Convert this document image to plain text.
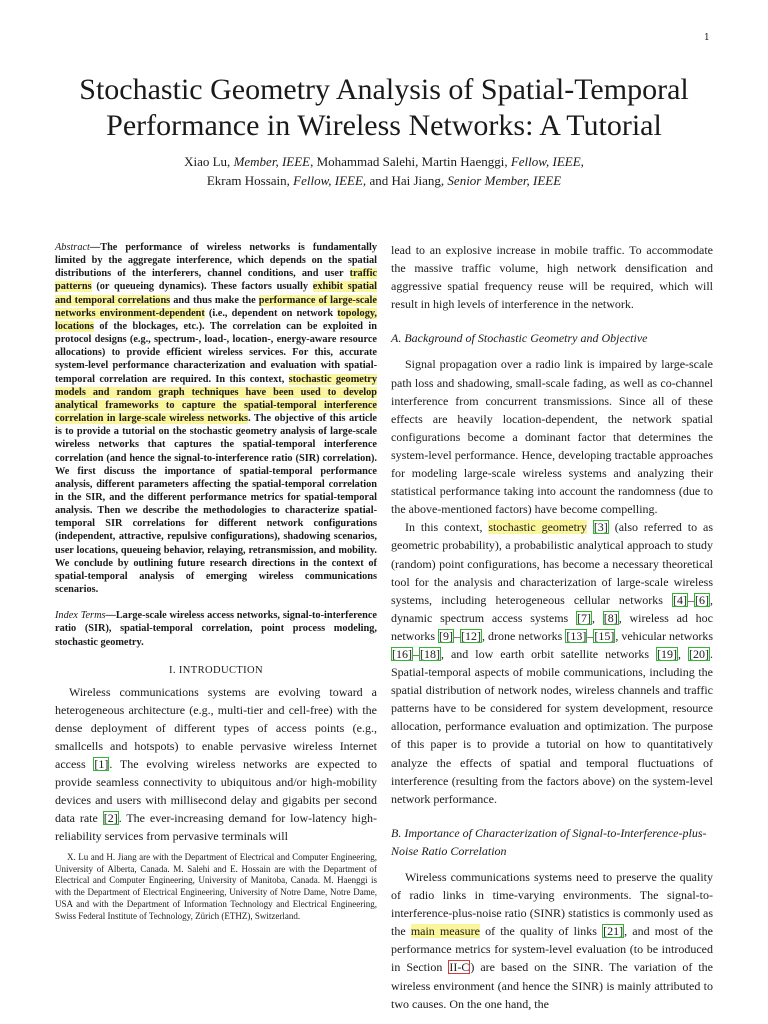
1
Stochastic Geometry Analysis of Spatial-Temporal
Performance in Wireless Networks: A Tutorial
Xiao Lu, Member, IEEE, Mohammad Salehi, Martin Haenggi, Fellow, IEEE,
Ekram Hossain, Fellow, IEEE, and Hai Jiang, Senior Member, IEEE
Abstract—The performance of wireless networks is fundamentally limited by the aggregate interference, which depends on the spatial distributions of the interferers, channel conditions, and user traffic patterns (or queueing dynamics). These factors usually exhibit spatial and temporal correlations and thus make the performance of large-scale networks environment-dependent (i.e., dependent on network topology, locations of the blockages, etc.). The correlation can be exploited in protocol designs (e.g., spectrum-, load-, location-, energy-aware resource allocations) to provide efficient wireless services. For this, accurate system-level performance characterization and evaluation with spatial-temporal correlation are required. In this context, stochastic geometry models and random graph techniques have been used to develop analytical frameworks to capture the spatial-temporal interference correlation in large-scale wireless networks. The objective of this article is to provide a tutorial on the stochastic geometry analysis of large-scale wireless networks that captures the spatial-temporal interference correlation (and hence the signal-to-interference ratio (SIR) correlation). We first discuss the importance of spatial-temporal performance analysis, different parameters affecting the spatial-temporal correlation in the SIR, and the different performance metrics for spatial-temporal analysis. Then we describe the methodologies to characterize spatial-temporal SIR correlations for different network configurations (independent, attractive, repulsive configurations), shadowing scenarios, user locations, queueing behavior, relaying, retransmission, and mobility. We conclude by outlining future research directions in the context of spatial-temporal analysis of emerging wireless communications scenarios.
Index Terms—Large-scale wireless access networks, signal-to-interference ratio (SIR), spatial-temporal correlation, point process modeling, stochastic geometry.
I. INTRODUCTION

Wireless communications systems are evolving toward a heterogeneous architecture (e.g., multi-tier and cell-free) with the dense deployment of different types of access points (e.g., smallcells and hotspots) to enable pervasive wireless Internet access [1]. The evolving wireless networks are expected to provide seamless connectivity to ubiquitous and/or high-mobility devices and users with millisecond delay and gigabits per second data rate [2]. The ever-increasing demand for low-latency high-reliability services from pervasive terminals will

X. Lu and H. Jiang are with the Department of Electrical and Computer Engineering, University of Alberta, Canada. M. Salehi and E. Hossain are with the Department of Electrical and Computer Engineering, University of Manitoba, Canada. M. Haenggi is with the Department of Electrical Engineering, University of Notre Dame, Notre Dame, USA and with the Department of Information Technology and Electrical Engineering, Swiss Federal Institute of Technology, Zürich (ETHZ), Switzerland.

lead to an explosive increase in mobile traffic. To accommodate the massive traffic volume, high network densification and aggressive spatial frequency reuse will be required, which will result in high levels of interference in the network.

A. Background of Stochastic Geometry and Objective

Signal propagation over a radio link is impaired by large-scale path loss and shadowing, small-scale fading, as well as co-channel interference from concurrent transmissions. Since all of these effects are heavily location-dependent, the network spatial configurations become a dominant factor that determines the system-level performance. Hence, developing tractable approaches for modeling large-scale wireless systems and analyzing their statistical performance taking into account the randomness (due to the above-mentioned factors) have become compelling.

In this context, stochastic geometry [3] (also referred to as geometric probability), a probabilistic analytical approach to study (random) point configurations, has become a necessary theoretical tool for the analysis and characterization of large-scale wireless systems, including heterogeneous cellular networks [4]–[6], dynamic spectrum access systems [7], [8], wireless ad hoc networks [9]–[12], drone networks [13]–[15], vehicular networks [16]–[18], and low earth orbit satellite networks [19], [20]. Spatial-temporal aspects of mobile communications, including the spatial distribution of network nodes, wireless channels and traffic patterns have to be considered for system development, resource allocation, performance evaluation and optimization. The purpose of this paper is to provide a tutorial on how to quantitatively analyze the effects of spatial and temporal fluctuations of interference (resulting from the factors above) on the system-level network performance.

B. Importance of Characterization of Signal-to-Interference-plus-Noise Ratio Correlation

Wireless communications systems need to preserve the quality of radio links in time-varying environments. The signal-to-interference-plus-noise ratio (SINR) statistics is commonly used as the main measure of the quality of links [21], and most of the performance metrics for system-level evaluation (to be introduced in Section II-C) are based on the SINR. The variation of the wireless environment (and hence the SINR) is mainly attributed to two causes. On the one hand, the
